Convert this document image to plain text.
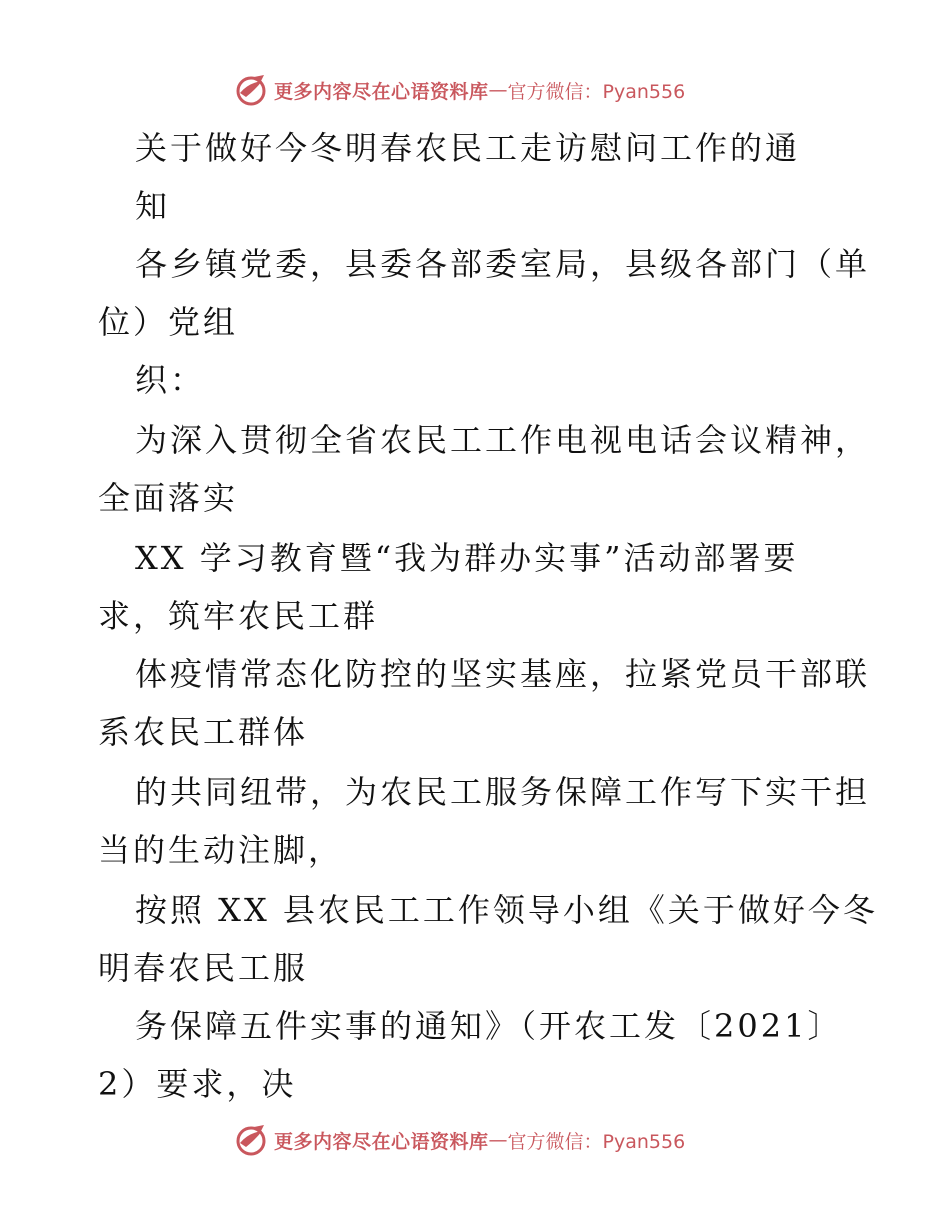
更多内容尽在心语资料库 — 官方微信：Pyan556
关于做好今冬明春农民工走访慰问工作的通
知
各乡镇党委，县委各部委室局，县级各部门（单
位）党组
织：
为深入贯彻全省农民工工作电视电话会议精神，
全面落实
XX 学习教育暨“我为群办实事”活动部署要
求，筑牢农民工群
体疫情常态化防控的坚实基座，拉紧党员干部联
系农民工群体
的共同纽带，为农民工服务保障工作写下实干担
当的生动注脚，
按照 XX 县农民工工作领导小组《关于做好今冬
明春农民工服
务保障五件实事的通知》（开农工发〔2021〕
2）要求，决
更多内容尽在心语资料库 — 官方微信：Pyan556
